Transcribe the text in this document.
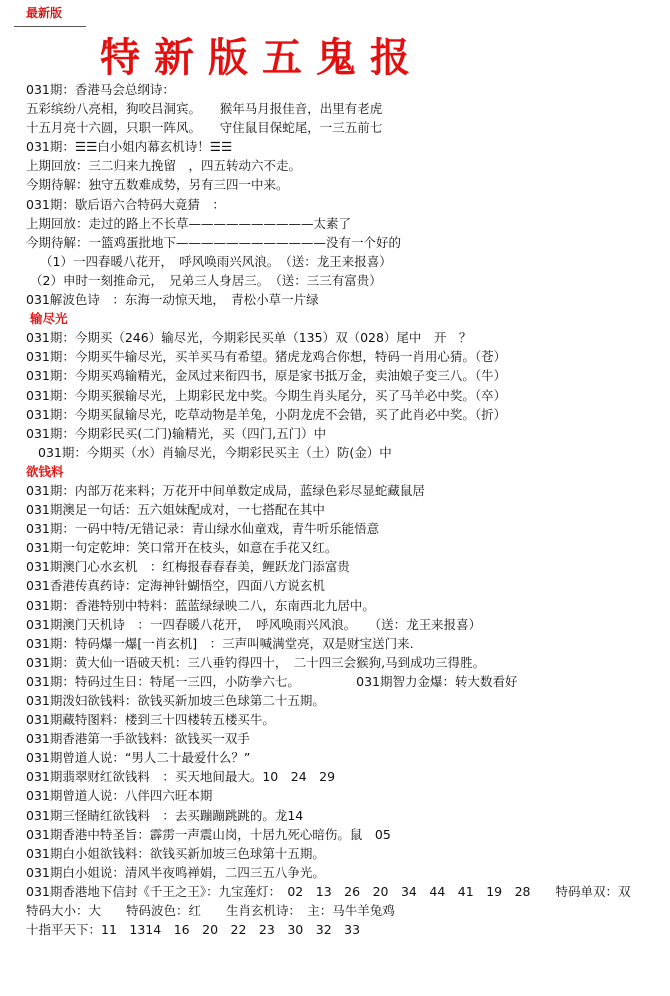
最新版
特新版五鬼报
031期：香港马会总纲诗：
五彩缤纷八亮相，狗咬吕洞宾。　　猴年马月报佳音，出里有老虎
十五月亮十六圆，只职一阵风。　　守住鼠目保蛇尾，一三五前七
031期：☰☰白小姐内幕玄机诗！☰☰
上期回放：三二归来九挽留　，四五转动六不走。
今期待解：独守五数难成势，另有三四一中来。
031期：歇后语六合特码大竟猜　：
上期回放：走过的路上不长草——————————太素了
今期待解：一篮鸡蛋批地下————————————没有一个好的
（1）一四春暖八花开，　呼风唤雨兴风浪。　（送：龙王来报喜）
（2）申时一刻推命元，　兄弟三人身居三。　（送：三三有富贵）
031解波色诗　：东海一动惊天地，　青松小草一片绿
输尽光
031期：今期买（246）输尽光，今期彩民买单（135）双（028）尾中　开　？
031期：今期买牛输尽光，买羊买马有希望。猪虎龙鸡合你想，特码一肖用心猜。（苍）
031期：今期买鸡输精光，金凤过来衔四书，原是家书抵万金，卖油娘子变三八。（牛）
031期：今期买猴输尽光，上期彩民龙中奖。今期生肖头尾分，买了马羊必中奖。（卒）
031期：今期买鼠输尽光，吃草动物是羊兔，小阴龙虎不会错，买了此肖必中奖。（折）
031期：今期彩民买(二门)输精光，买（四门,五门）中
031期：今期买（水）肖输尽光，今期彩民买主（土）防(金）中
欲钱料
031期：内部万花来料；万花开中间单数定成局，蓝绿色彩尽显蛇藏鼠居
031期澳足一句话：五六姐妹配成对，一七搭配在其中
031期：一码中特/无错记录：青山绿水仙童戏，青牛听乐能悟意
031期一句定乾坤：笑口常开在枝头，如意在手花又红。
031期澳门心水玄机　：红梅报春春春美，鲤跃龙门添富贵
031香港传真药诗：定海神针蝴悟空，四面八方说玄机
031期：香港特别中特料：蓝蓝绿绿映二八，东南西北九居中。
031期澳门天机诗　：一四春暖八花开，　呼风唤雨兴风浪。　　（送：龙王来报喜）
031期：特码爆一爆[一肖玄机]　：三声叫喊满堂亮，双是财宝送门来.
031期：黄大仙一语破天机：三八垂钓得四十，　二十四三会猴狗,马到成功三得胜。
031期：特码过生日：特尾一三四，小防拳六七。　　　　　031期智力金爆：转大数看好
031期泼妇欲钱料：欲钱买新加坡三色球第二十五期。
031期藏特图料：楼到三十四楼转五楼买牛。
031期香港第一手欲钱料：欲钱买一双手
031期曾道人说：“男人二十最爱什么？”
031期翡翠财红欲钱料　：买天地间最大。10　24　29
031期曾道人说：八伴四六旺本期
031期三怪睛红欲钱料　：去买蹦蹦跳跳的。龙14
031期香港中特圣旨：霹雳一声震山岗，十居九死心暗伤。鼠　05
031期白小姐欲钱料：欲钱买新加坡三色球第十五期。
031期白小姐说：清风半夜鸣禅娟，二四三五八争光。
031期香港地下信封《千王之王》：九宝莲灯：　02　13　26　20　34　44　41　19　28　　特码单双：双
特码大小：大　　特码波色：红　　生肖玄机诗：　主：马牛羊兔鸡
十指平天下：11　1314　16　20　22　23　30　32　33
